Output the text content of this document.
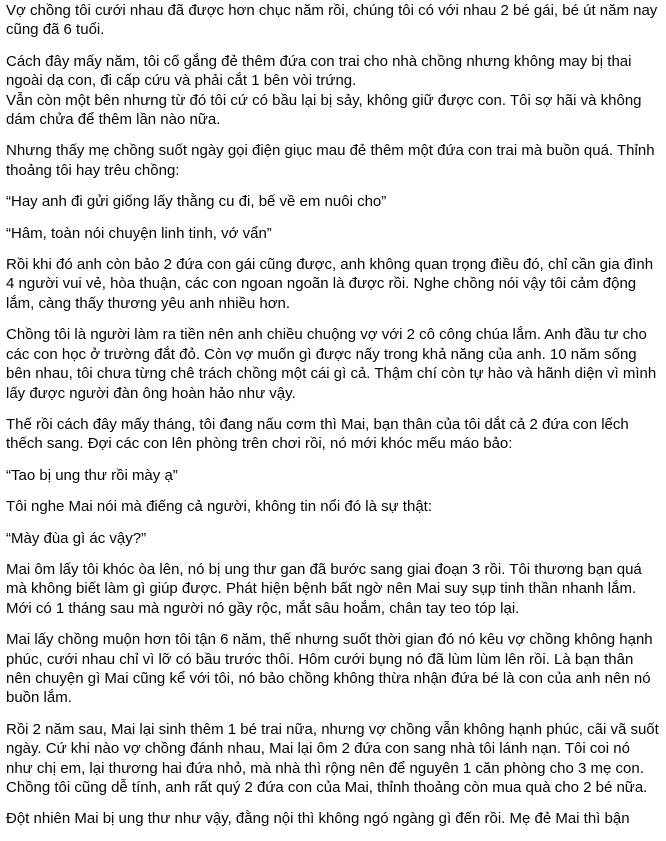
Vợ chồng tôi cưới nhau đã được hơn chục năm rồi, chúng tôi có với nhau 2 bé gái, bé út năm nay cũng đã 6 tuổi.

Cách đây mấy năm, tôi cố gắng đẻ thêm đứa con trai cho nhà chồng nhưng không may bị thai ngoài dạ con, đi cấp cứu và phải cắt 1 bên vòi trứng.
Vẫn còn một bên nhưng từ đó tôi cứ có bầu lại bị sảy, không giữ được con. Tôi sợ hãi và không dám chửa để thêm lần nào nữa.

Nhưng thấy mẹ chồng suốt ngày gọi điện giục mau đẻ thêm một đứa con trai mà buồn quá. Thỉnh thoảng tôi hay trêu chồng:

“Hay anh đi gửi giống lấy thằng cu đi, bế về em nuôi cho”

“Hâm, toàn nói chuyện linh tinh, vớ vẩn”

Rồi khi đó anh còn bảo 2 đứa con gái cũng được, anh không quan trọng điều đó, chỉ cần gia đình 4 người vui vẻ, hòa thuận, các con ngoan ngoãn là được rồi. Nghe chồng nói vậy tôi cảm động lắm, càng thấy thương yêu anh nhiều hơn.

Chồng tôi là người làm ra tiền nên anh chiều chuộng vợ với 2 cô công chúa lắm. Anh đầu tư cho các con học ở trường đắt đỏ. Còn vợ muốn gì được nấy trong khả năng của anh. 10 năm sống bên nhau, tôi chưa từng chê trách chồng một cái gì cả. Thậm chí còn tự hào và hãnh diện vì mình lấy được người đàn ông hoàn hảo như vậy.

Thế rồi cách đây mấy tháng, tôi đang nấu cơm thì Mai, bạn thân của tôi dắt cả 2 đứa con lếch thếch sang. Đợi các con lên phòng trên chơi rồi, nó mới khóc mếu máo bảo:

“Tao bị ung thư rồi mày ạ”

Tôi nghe Mai nói mà điếng cả người, không tin nổi đó là sự thật:

“Mày đùa gì ác vậy?”

Mai ôm lấy tôi khóc òa lên, nó bị ung thư gan đã bước sang giai đoạn 3 rồi. Tôi thương bạn quá mà không biết làm gì giúp được. Phát hiện bệnh bất ngờ nên Mai suy sụp tinh thần nhanh lắm. Mới có 1 tháng sau mà người nó gầy rộc, mắt sâu hoắm, chân tay teo tóp lại.

Mai lấy chồng muộn hơn tôi tận 6 năm, thế nhưng suốt thời gian đó nó kêu vợ chồng không hạnh phúc, cưới nhau chỉ vì lỡ có bầu trước thôi. Hôm cưới bụng nó đã lùm lùm lên rồi. Là bạn thân nên chuyện gì Mai cũng kể với tôi, nó bảo chồng không thừa nhận đứa bé là con của anh nên nó buồn lắm.

Rồi 2 năm sau, Mai lại sinh thêm 1 bé trai nữa, nhưng vợ chồng vẫn không hạnh phúc, cãi vã suốt ngày. Cứ khi nào vợ chồng đánh nhau, Mai lại ôm 2 đứa con sang nhà tôi lánh nạn. Tôi coi nó như chị em, lại thương hai đứa nhỏ, mà nhà thì rộng nên để nguyên 1 căn phòng cho 3 mẹ con. Chồng tôi cũng dễ tính, anh rất quý 2 đứa con của Mai, thỉnh thoảng còn mua quà cho 2 bé nữa.

Đột nhiên Mai bị ung thư như vậy, đằng nội thì không ngó ngàng gì đến rồi. Mẹ đẻ Mai thì bận
